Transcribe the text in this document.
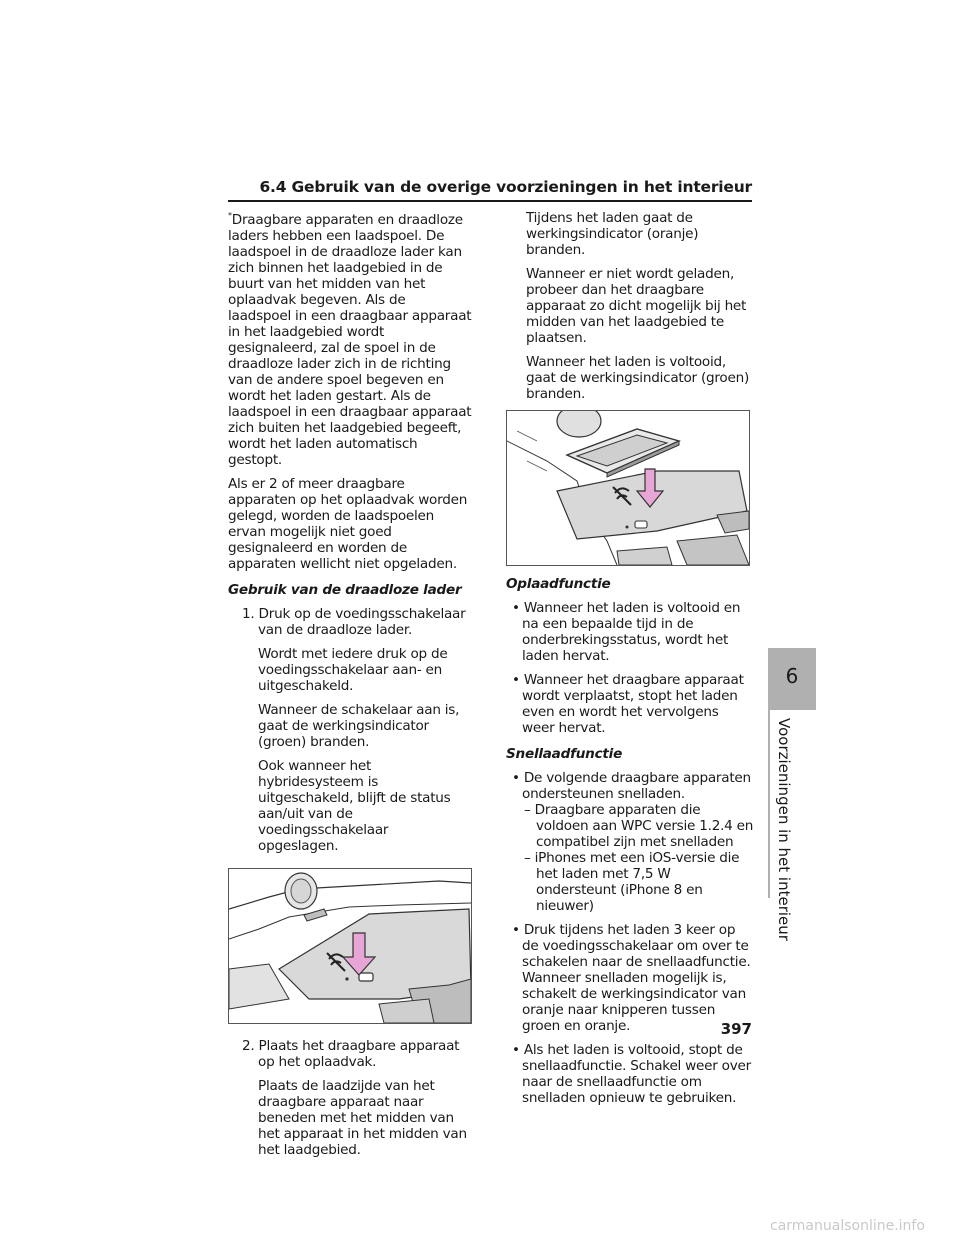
6.4 Gebruik van de overige voorzieningen in het interieur

*Draagbare apparaten en draadloze laders hebben een laadspoel. De laadspoel in de draadloze lader kan zich binnen het laadgebied in de buurt van het midden van het oplaadvak begeven. Als de laadspoel in een draagbaar apparaat in het laadgebied wordt gesignaleerd, zal de spoel in de draadloze lader zich in de richting van de andere spoel begeven en wordt het laden gestart. Als de laadspoel in een draagbaar apparaat zich buiten het laadgebied begeeft, wordt het laden automatisch gestopt.

Als er 2 of meer draagbare apparaten op het oplaadvak worden gelegd, worden de laadspoelen ervan mogelijk niet goed gesignaleerd en worden de apparaten wellicht niet opgeladen.

Gebruik van de draadloze lader

1. Druk op de voedingsschakelaar van de draadloze lader.

Wordt met iedere druk op de voedingsschakelaar aan- en uitgeschakeld.

Wanneer de schakelaar aan is, gaat de werkingsindicator (groen) branden.

Ook wanneer het hybridesysteem is uitgeschakeld, blijft de status aan/uit van de voedingsschakelaar opgeslagen.

2. Plaats het draagbare apparaat op het oplaadvak.

Plaats de laadzijde van het draagbare apparaat naar beneden met het midden van het apparaat in het midden van het laadgebied.

Tijdens het laden gaat de werkingsindicator (oranje) branden.

Wanneer er niet wordt geladen, probeer dan het draagbare apparaat zo dicht mogelijk bij het midden van het laadgebied te plaatsen.

Wanneer het laden is voltooid, gaat de werkingsindicator (groen) branden.

Oplaadfunctie

• Wanneer het laden is voltooid en na een bepaalde tijd in de onderbrekingsstatus, wordt het laden hervat.

• Wanneer het draagbare apparaat wordt verplaatst, stopt het laden even en wordt het vervolgens weer hervat.

Snellaadfunctie

• De volgende draagbare apparaten ondersteunen snelladen.

– Draagbare apparaten die voldoen aan WPC versie 1.2.4 en compatibel zijn met snelladen

– iPhones met een iOS-versie die het laden met 7,5 W ondersteunt (iPhone 8 en nieuwer)

• Druk tijdens het laden 3 keer op de voedingsschakelaar om over te schakelen naar de snellaadfunctie. Wanneer snelladen mogelijk is, schakelt de werkingsindicator van oranje naar knipperen tussen groen en oranje.

• Als het laden is voltooid, stopt de snellaadfunctie. Schakel weer over naar de snellaadfunctie om snelladen opnieuw te gebruiken.

6
Voorzieningen in het interieur
397
carmanualsonline.info
